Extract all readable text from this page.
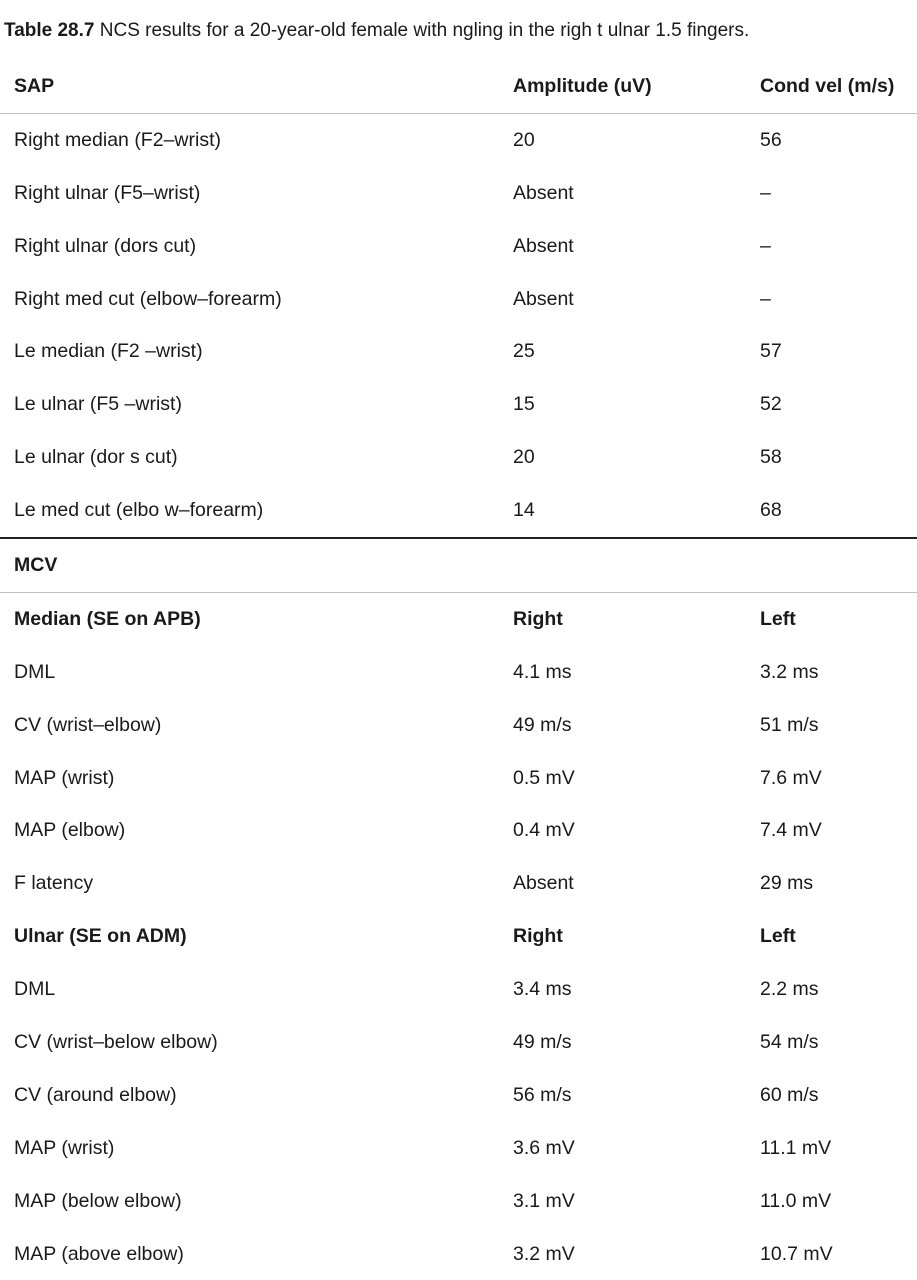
Table 28.7 NCS results for a 20-year-old female with ngling in the righ t ulnar 1.5 fingers.
SAP	Amplitude (uV)	Cond vel (m/s)
Right median (F2–wrist)	20	56
Right ulnar (F5–wrist)	Absent	–
Right ulnar (dors cut)	Absent	–
Right med cut (elbow–forearm)	Absent	–
Le median (F2 –wrist)	25	57
Le ulnar (F5 –wrist)	15	52
Le ulnar (dor s cut)	20	58
Le med cut (elbo w–forearm)	14	68
MCV
Median (SE on APB)	Right	Left
DML	4.1 ms	3.2 ms
CV (wrist–elbow)	49 m/s	51 m/s
MAP (wrist)	0.5 mV	7.6 mV
MAP (elbow)	0.4 mV	7.4 mV
F latency	Absent	29 ms
Ulnar (SE on ADM)	Right	Left
DML	3.4 ms	2.2 ms
CV (wrist–below elbow)	49 m/s	54 m/s
CV (around elbow)	56 m/s	60 m/s
MAP (wrist)	3.6 mV	11.1 mV
MAP (below elbow)	3.1 mV	11.0 mV
MAP (above elbow)	3.2 mV	10.7 mV
